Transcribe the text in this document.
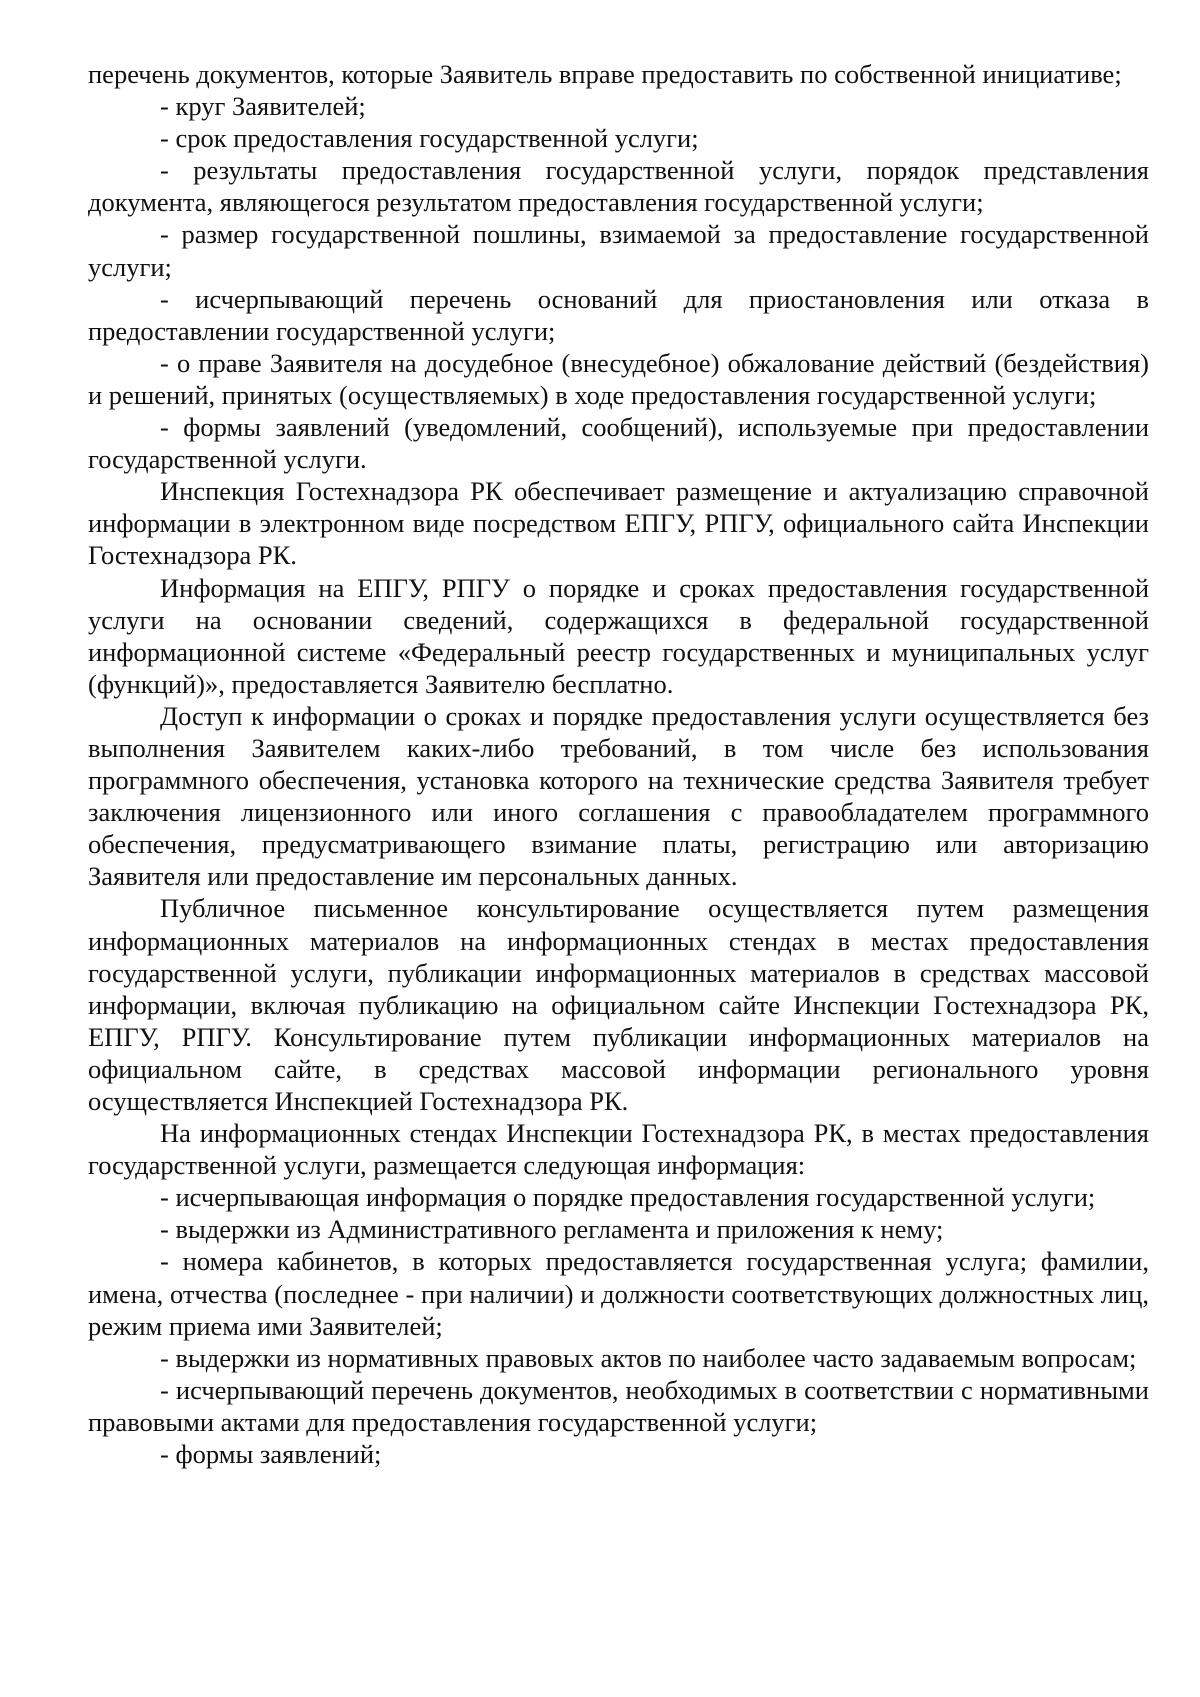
перечень документов, которые Заявитель вправе предоставить по собственной инициативе;

- круг Заявителей;

- срок предоставления государственной услуги;

- результаты предоставления государственной услуги, порядок представления документа, являющегося результатом предоставления государственной услуги;

- размер государственной пошлины, взимаемой за предоставление государственной услуги;

- исчерпывающий перечень оснований для приостановления или отказа в предоставлении государственной услуги;

- о праве Заявителя на досудебное (внесудебное) обжалование действий (бездействия) и решений, принятых (осуществляемых) в ходе предоставления государственной услуги;

- формы заявлений (уведомлений, сообщений), используемые при предоставлении государственной услуги.

Инспекция Гостехнадзора РК обеспечивает размещение и актуализацию справочной информации в электронном виде посредством ЕПГУ, РПГУ, официального сайта Инспекции Гостехнадзора РК.

Информация на ЕПГУ, РПГУ о порядке и сроках предоставления государственной услуги на основании сведений, содержащихся в федеральной государственной информационной системе «Федеральный реестр государственных и муниципальных услуг (функций)», предоставляется Заявителю бесплатно.

Доступ к информации о сроках и порядке предоставления услуги осуществляется без выполнения Заявителем каких-либо требований, в том числе без использования программного обеспечения, установка которого на технические средства Заявителя требует заключения лицензионного или иного соглашения с правообладателем программного обеспечения, предусматривающего взимание платы, регистрацию или авторизацию Заявителя или предоставление им персональных данных.

Публичное письменное консультирование осуществляется путем размещения информационных материалов на информационных стендах в местах предоставления государственной услуги, публикации информационных материалов в средствах массовой информации, включая публикацию на официальном сайте Инспекции Гостехнадзора РК, ЕПГУ, РПГУ. Консультирование путем публикации информационных материалов на официальном сайте, в средствах массовой информации регионального уровня осуществляется Инспекцией Гостехнадзора РК.

На информационных стендах Инспекции Гостехнадзора РК, в местах предоставления государственной услуги, размещается следующая информация:

- исчерпывающая информация о порядке предоставления государственной услуги;

- выдержки из Административного регламента и приложения к нему;

- номера кабинетов, в которых предоставляется государственная услуга; фамилии, имена, отчества (последнее - при наличии) и должности соответствующих должностных лиц, режим приема ими Заявителей;

- выдержки из нормативных правовых актов по наиболее часто задаваемым вопросам;

- исчерпывающий перечень документов, необходимых в соответствии с нормативными правовыми актами для предоставления государственной услуги;

- формы заявлений;
